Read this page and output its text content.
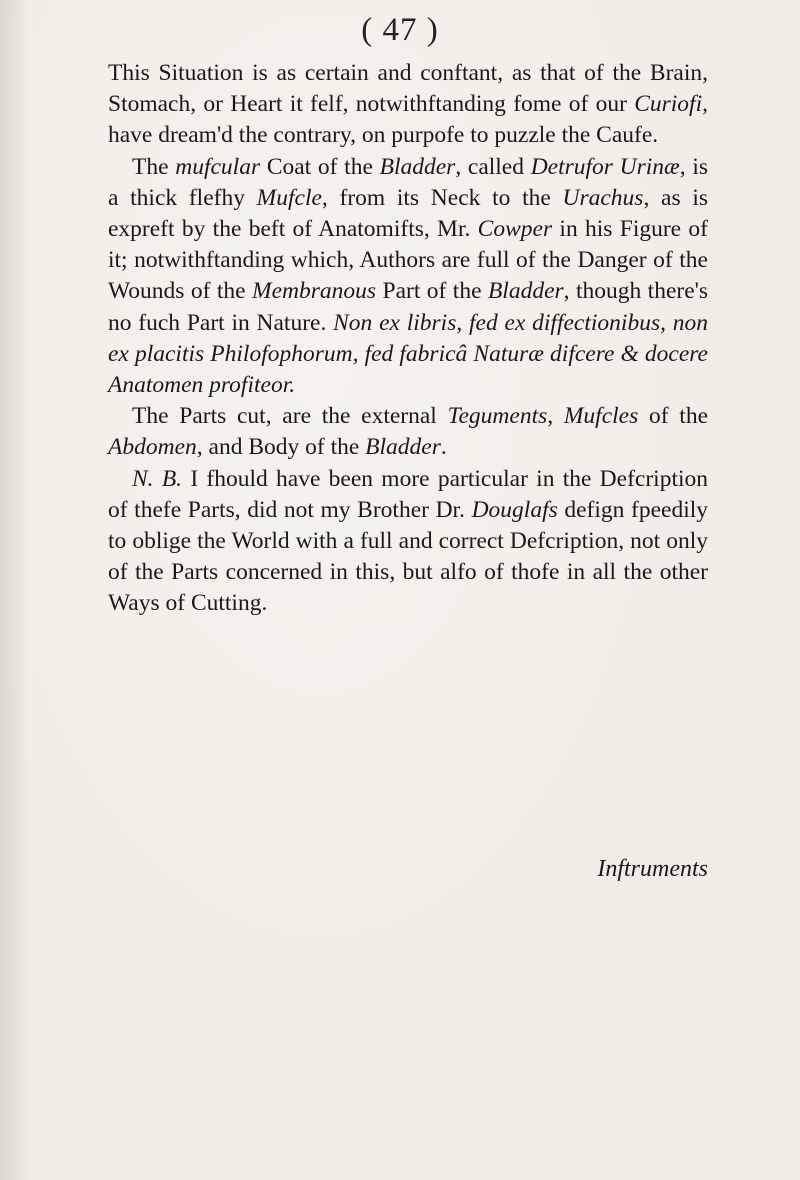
( 47 )

This Situation is as certain and conftant, as that of the Brain, Stomach, or Heart it felf, notwithftanding fome of our Curiofi, have dream'd the contrary, on purpofe to puzzle the Caufe.

The mufcular Coat of the Bladder, called Detrufor Urinæ, is a thick flefhy Mufcle, from its Neck to the Urachus, as is expreft by the beft of Anatomifts, Mr. Cowper in his Figure of it; notwithftanding which, Authors are full of the Danger of the Wounds of the Membranous Part of the Bladder, though there's no fuch Part in Nature. Non ex libris, fed ex diffectionibus, non ex placitis Philofophorum, fed fabricâ Naturæ difcere & docere Anatomen profiteor.

The Parts cut, are the external Teguments, Mufcles of the Abdomen, and Body of the Bladder.

N. B. I fhould have been more particular in the Defcription of thefe Parts, did not my Brother Dr. Douglafs defign fpeedily to oblige the World with a full and correct Defcription, not only of the Parts concerned in this, but alfo of thofe in all the other Ways of Cutting.

Inftruments
